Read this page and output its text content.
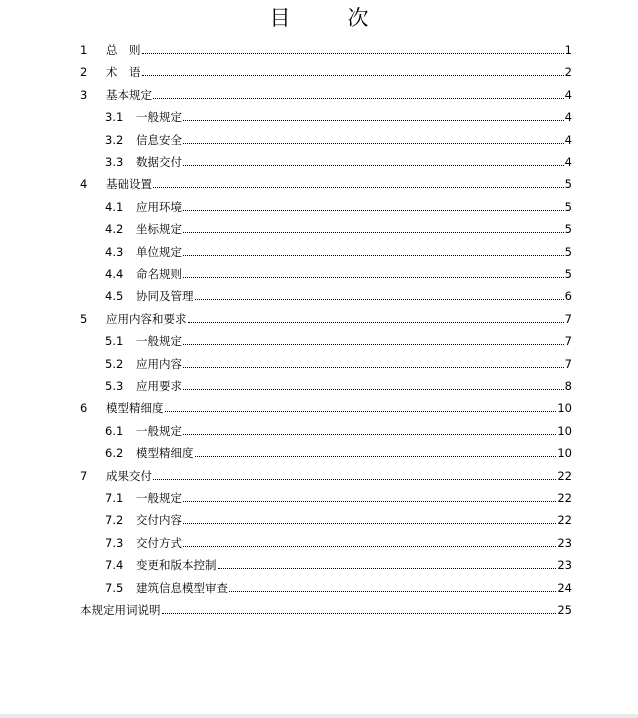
目　次
1	总　则	1
2	术　语	2
3	基本规定	4
3.1	一般规定	4
3.2	信息安全	4
3.3	数据交付	4
4	基础设置	5
4.1	应用环境	5
4.2	坐标规定	5
4.3	单位规定	5
4.4	命名规则	5
4.5	协同及管理	6
5	应用内容和要求	7
5.1	一般规定	7
5.2	应用内容	7
5.3	应用要求	8
6	模型精细度	10
6.1	一般规定	10
6.2	模型精细度	10
7	成果交付	22
7.1	一般规定	22
7.2	交付内容	22
7.3	交付方式	23
7.4	变更和版本控制	23
7.5	建筑信息模型审查	24
本规定用词说明	25
